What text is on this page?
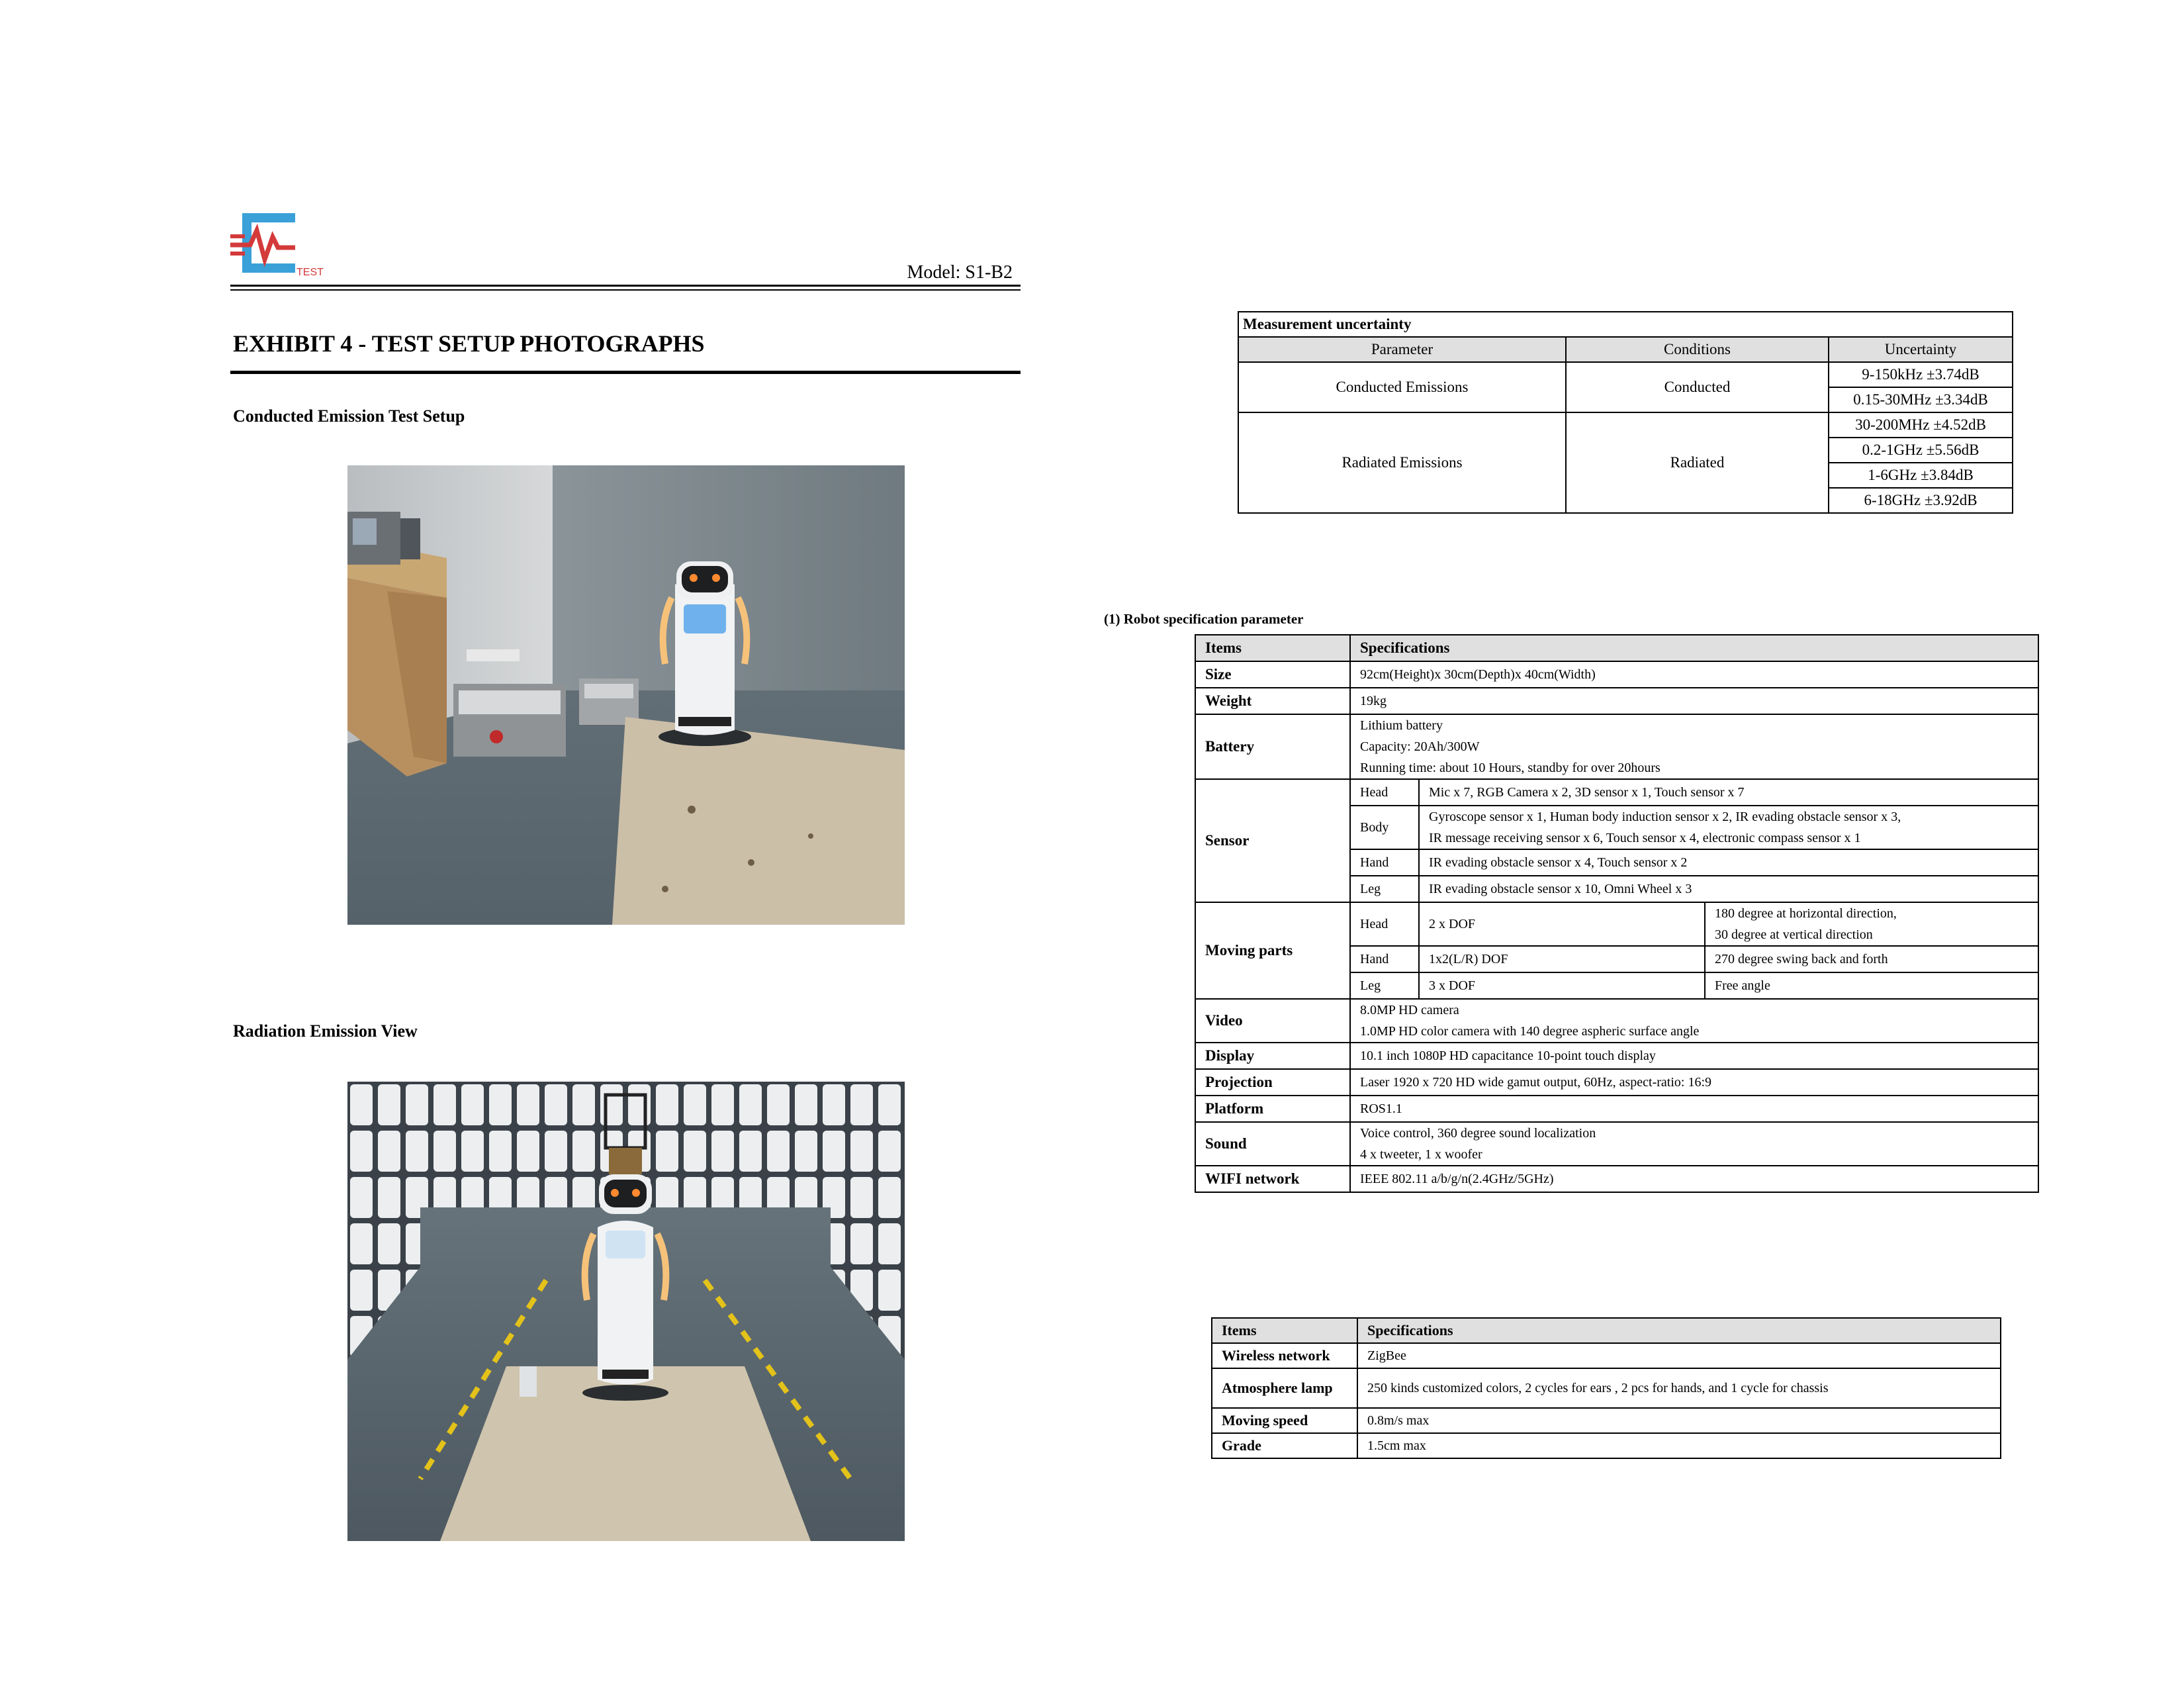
TEST	Model: S1-B2
EXHIBIT 4 - TEST SETUP PHOTOGRAPHS
Conducted Emission Test Setup
Radiation Emission View
Measurement uncertainty		
Parameter	Conditions	Uncertainty
Conducted Emissions	Conducted	9-150kHz ±3.74dB
		0.15-30MHz ±3.34dB
Radiated Emissions	Radiated	30-200MHz ±4.52dB
		0.2-1GHz ±5.56dB
		1-6GHz ±3.84dB
		6-18GHz ±3.92dB
(1) Robot specification parameter
Items	Specifications		
Size	92cm(Height)x 30cm(Depth)x 40cm(Width)		
Weight	19kg		
Battery	Lithium battery
Capacity: 20Ah/300W
Running time: about 10 Hours, standby for over 20hours		

Sensor	Head	Mic x 7, RGB Camera x 2, 3D sensor x 1, Touch sensor x 7	
	Body	Gyroscope sensor x 1, Human body induction sensor x 2, IR evading obstacle sensor x 3,
IR message receiving sensor x 6, Touch sensor x 4, electronic compass sensor x 1	

	Hand	IR evading obstacle sensor x 4, Touch sensor x 2	
	Leg	IR evading obstacle sensor x 10, Omni Wheel x 3	
Moving parts	Head	2 x DOF	180 degree at horizontal direction,
30 degree at vertical direction

	Hand	1x2(L/R) DOF	270 degree swing back and forth
	Leg	3 x DOF	Free angle
Video	8.0MP HD camera
1.0MP HD color camera with 140 degree aspheric surface angle		

Display	10.1 inch 1080P HD capacitance 10-point touch display		
Projection	Laser 1920 x 720 HD wide gamut output, 60Hz, aspect-ratio: 16:9		
Platform	ROS1.1		
Sound	Voice control, 360 degree sound localization
4 x tweeter, 1 x woofer		

WIFI network	IEEE 802.11 a/b/g/n(2.4GHz/5GHz)		
Items	Specifications
Wireless network	ZigBee
Atmosphere lamp	250 kinds customized colors, 2 cycles for ears , 2 pcs for hands, and 1 cycle for chassis
Moving speed	0.8m/s max
Grade	1.5cm max
